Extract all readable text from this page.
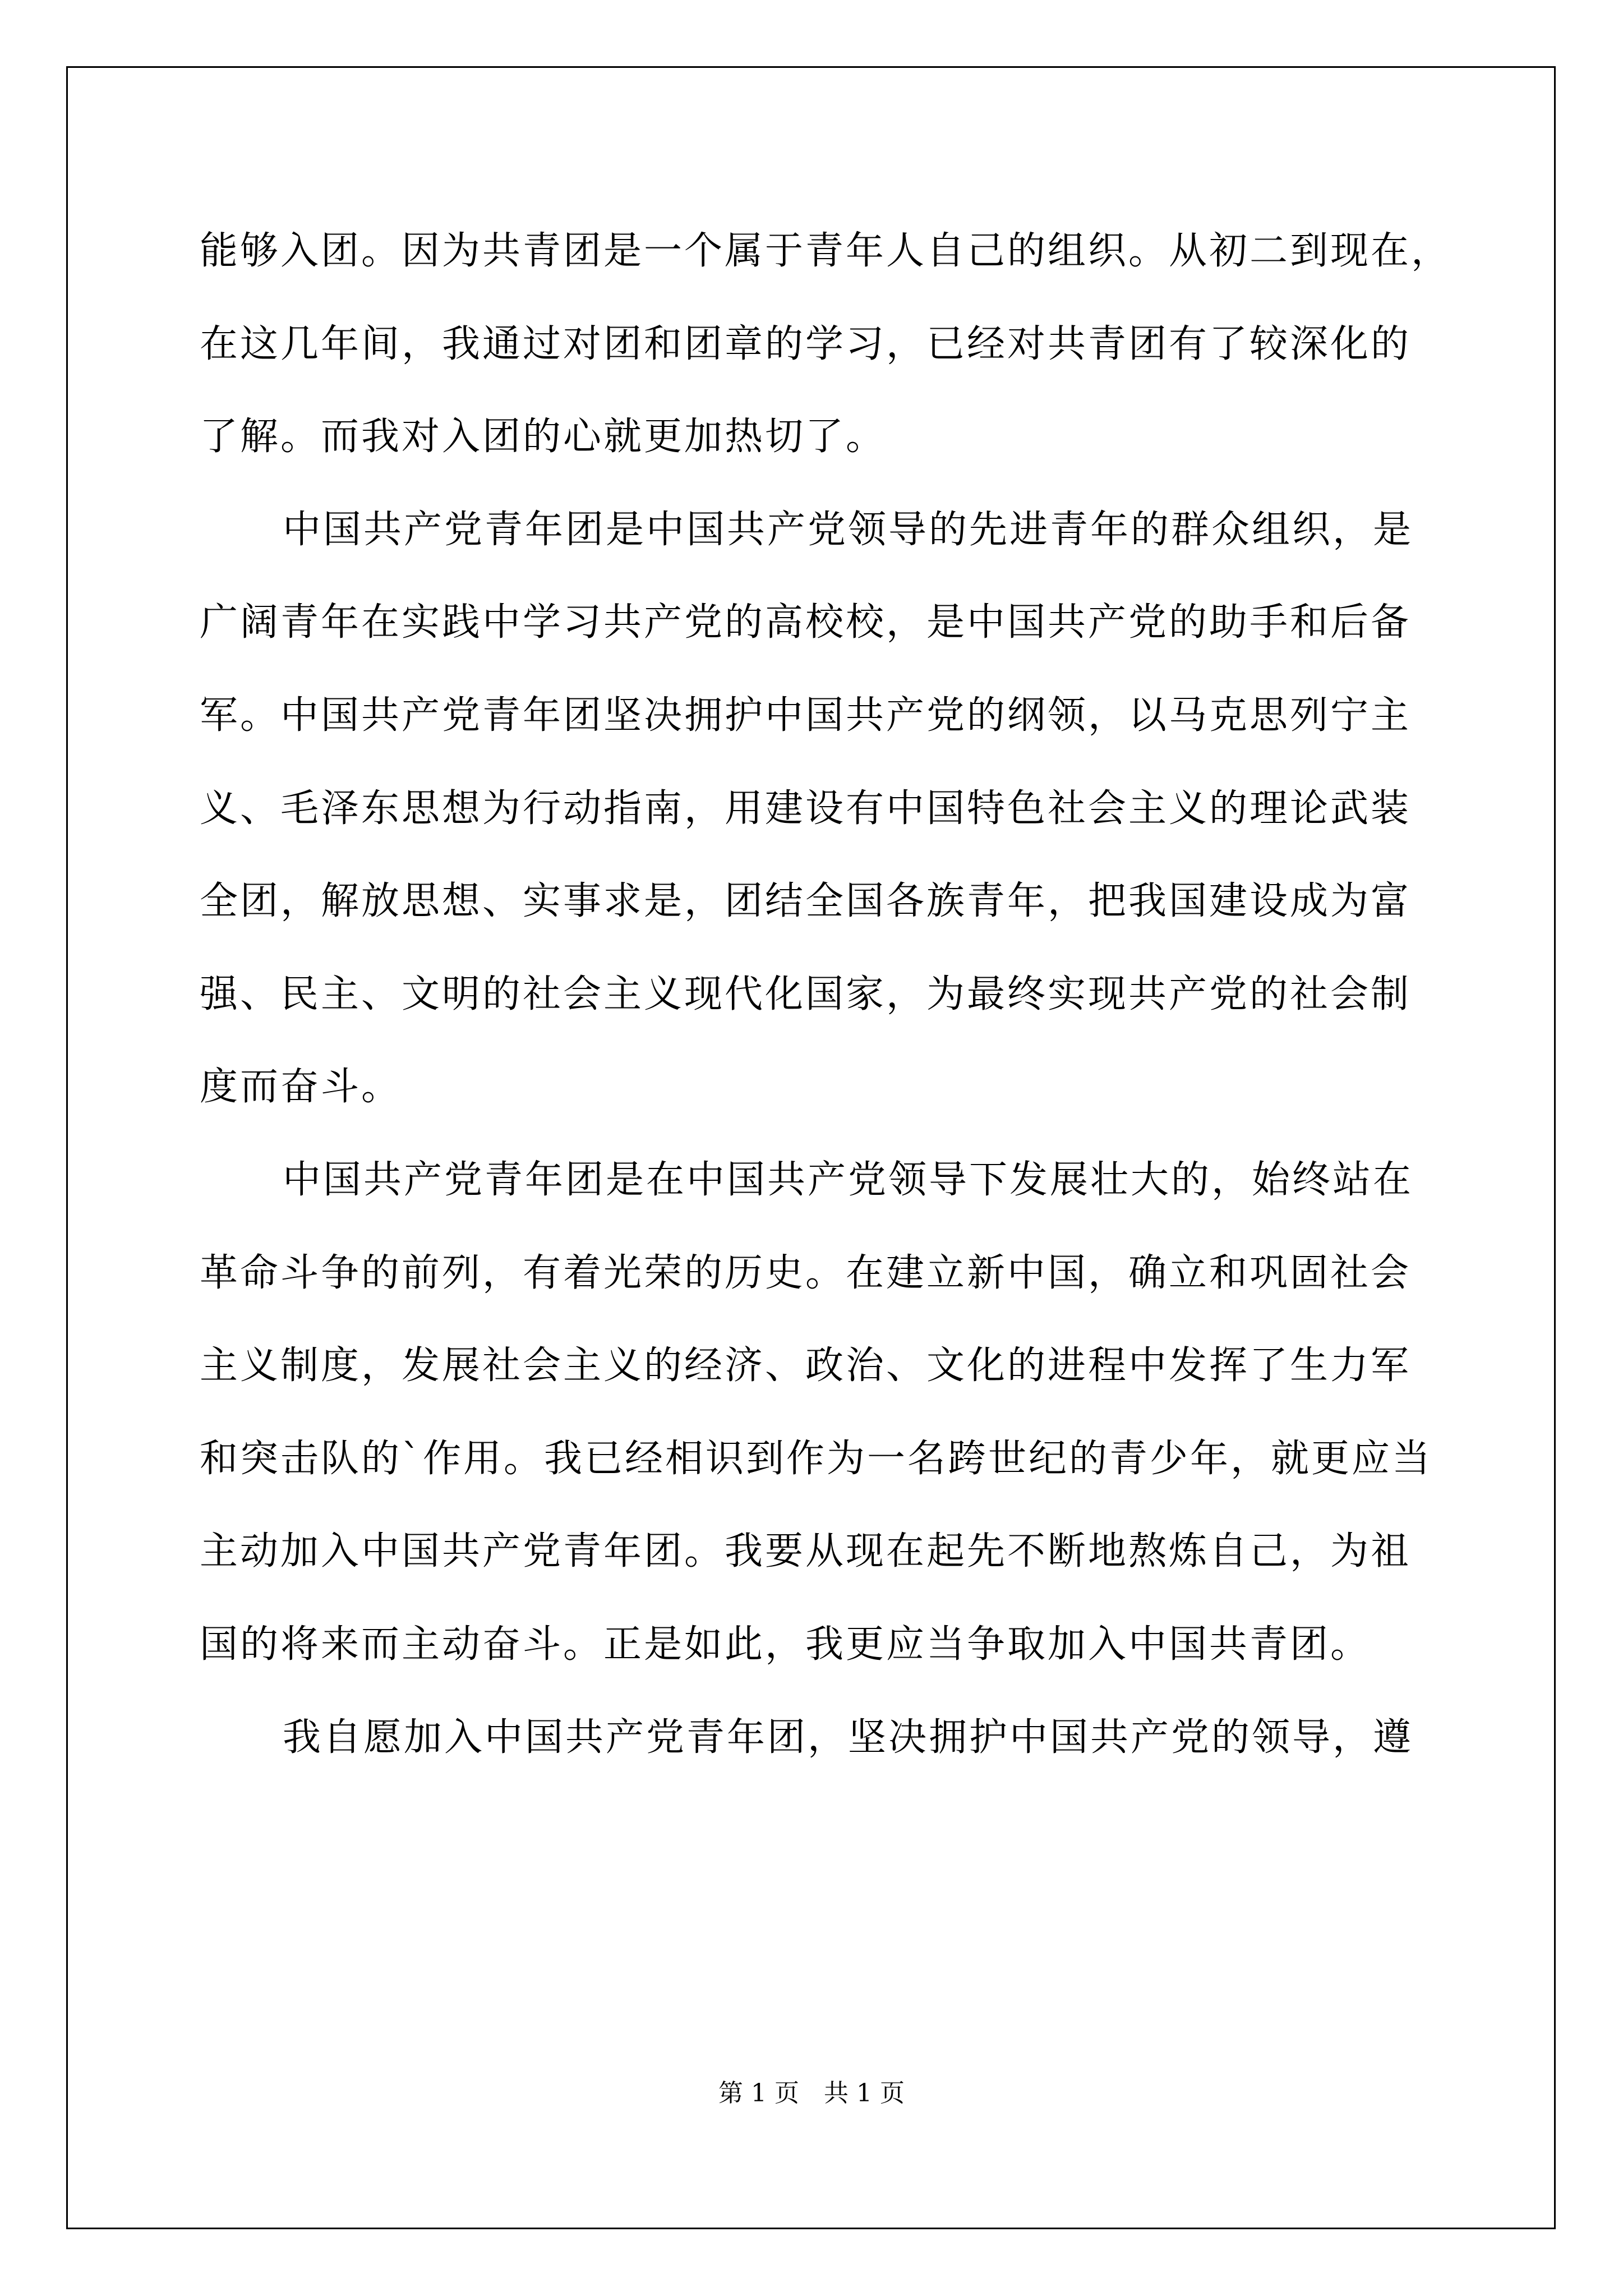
能够入团。因为共青团是一个属于青年人自己的组织。从初二到现在，
在这几年间，我通过对团和团章的学习，已经对共青团有了较深化的
了解。而我对入团的心就更加热切了。
中国共产党青年团是中国共产党领导的先进青年的群众组织，是
广阔青年在实践中学习共产党的高校校，是中国共产党的助手和后备
军。中国共产党青年团坚决拥护中国共产党的纲领，以马克思列宁主
义、毛泽东思想为行动指南，用建设有中国特色社会主义的理论武装
全团，解放思想、实事求是，团结全国各族青年，把我国建设成为富
强、民主、文明的社会主义现代化国家，为最终实现共产党的社会制
度而奋斗。
中国共产党青年团是在中国共产党领导下发展壮大的，始终站在
革命斗争的前列，有着光荣的历史。在建立新中国，确立和巩固社会
主义制度，发展社会主义的经济、政治、文化的进程中发挥了生力军
和突击队的`作用。我已经相识到作为一名跨世纪的青少年，就更应当
主动加入中国共产党青年团。我要从现在起先不断地熬炼自己，为祖
国的将来而主动奋斗。正是如此，我更应当争取加入中国共青团。
我自愿加入中国共产党青年团，坚决拥护中国共产党的领导，遵
第 1 页　共 1 页
